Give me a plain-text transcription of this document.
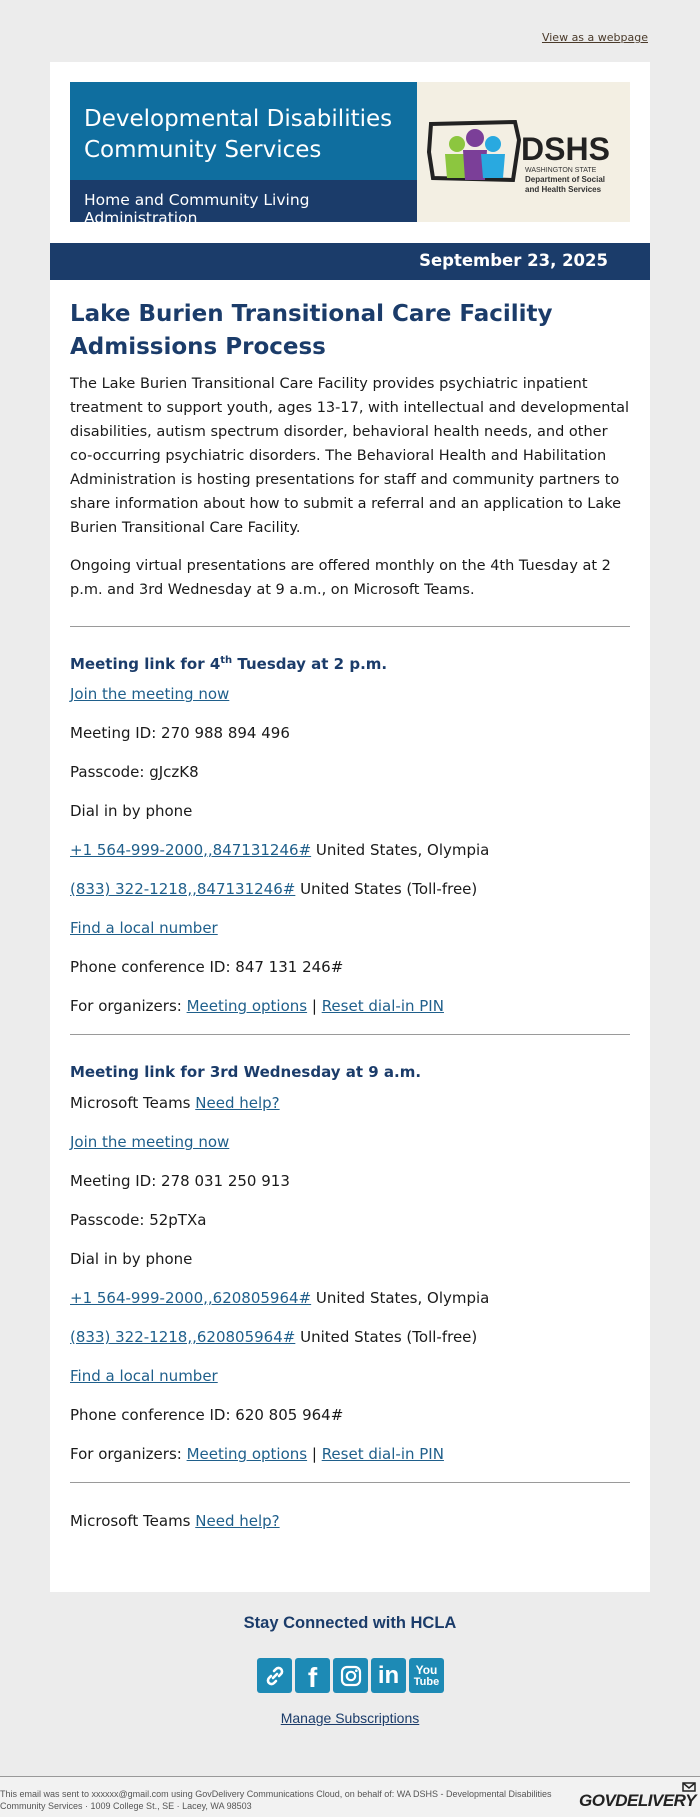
View as a webpage
Developmental Disabilities
Community Services
Home and Community Living Administration
DSHS
WASHINGTON STATE
Department of Social
and Health Services
September 23, 2025
Lake Burien Transitional Care Facility Admissions Process

The Lake Burien Transitional Care Facility provides psychiatric inpatient treatment to support youth, ages 13-17, with intellectual and developmental disabilities, autism spectrum disorder, behavioral health needs, and other co-occurring psychiatric disorders. The Behavioral Health and Habilitation Administration is hosting presentations for staff and community partners to share information about how to submit a referral and an application to Lake Burien Transitional Care Facility.

Ongoing virtual presentations are offered monthly on the 4th Tuesday at 2 p.m. and 3rd Wednesday at 9 a.m., on Microsoft Teams.

Meeting link for 4th Tuesday at 2 p.m.
Join the meeting now
Meeting ID: 270 988 894 496
Passcode: gJczK8
Dial in by phone
+1 564-999-2000,,847131246# United States, Olympia
(833) 322-1218,,847131246# United States (Toll-free)
Find a local number
Phone conference ID: 847 131 246#
For organizers: Meeting options | Reset dial-in PIN
Meeting link for 3rd Wednesday at 9 a.m.
Microsoft Teams Need help?
Join the meeting now
Meeting ID: 278 031 250 913
Passcode: 52pTXa
Dial in by phone
+1 564-999-2000,,620805964# United States, Olympia
(833) 322-1218,,620805964# United States (Toll-free)
Find a local number
Phone conference ID: 620 805 964#
For organizers: Meeting options | Reset dial-in PIN
Microsoft Teams Need help?
Stay Connected with HCLA
f	in You
Tube
Manage Subscriptions
This email was sent to xxxxxx@gmail.com using GovDelivery Communications Cloud, on behalf of: WA DSHS - Developmental Disabilities Community Services · 1009 College St., SE · Lacey, WA 98503	GOVDELIVERY
